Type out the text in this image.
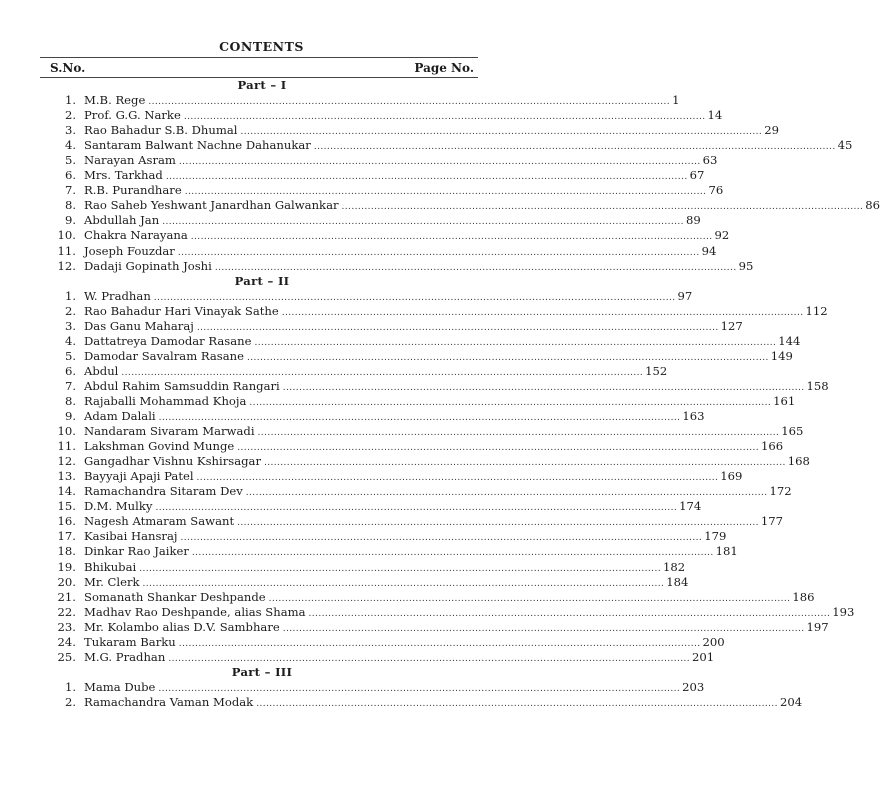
CONTENTS
S.No.	Page No.
Part – I
1. M.B. Rege ................................................................................................................................................................ 1
2. Prof. G.G. Narke ................................................................................................................................................................ 14
3. Rao Bahadur S.B. Dhumal ................................................................................................................................................................ 29
4. Santaram Balwant Nachne Dahanukar ................................................................................................................................................................ 45
5. Narayan Asram ................................................................................................................................................................ 63
6. Mrs. Tarkhad ................................................................................................................................................................ 67
7. R.B. Purandhare ................................................................................................................................................................ 76
8. Rao Saheb Yeshwant Janardhan Galwankar ................................................................................................................................................................ 86
9. Abdullah Jan ................................................................................................................................................................ 89
10. Chakra Narayana ................................................................................................................................................................ 92
11. Joseph Fouzdar ................................................................................................................................................................ 94
12. Dadaji Gopinath Joshi ................................................................................................................................................................ 95
Part – II
1. W. Pradhan ................................................................................................................................................................ 97
2. Rao Bahadur Hari Vinayak Sathe ................................................................................................................................................................ 112
3. Das Ganu Maharaj ................................................................................................................................................................ 127
4. Dattatreya Damodar Rasane ................................................................................................................................................................ 144
5. Damodar Savalram Rasane ................................................................................................................................................................ 149
6. Abdul ................................................................................................................................................................ 152
7. Abdul Rahim Samsuddin Rangari ................................................................................................................................................................ 158
8. Rajaballi Mohammad Khoja ................................................................................................................................................................ 161
9. Adam Dalali ................................................................................................................................................................ 163
10. Nandaram Sivaram Marwadi ................................................................................................................................................................ 165
11. Lakshman Govind Munge ................................................................................................................................................................ 166
12. Gangadhar Vishnu Kshirsagar ................................................................................................................................................................ 168
13. Bayyaji Apaji Patel ................................................................................................................................................................ 169
14. Ramachandra Sitaram Dev ................................................................................................................................................................ 172
15. D.M. Mulky ................................................................................................................................................................ 174
16. Nagesh Atmaram Sawant ................................................................................................................................................................ 177
17. Kasibai Hansraj ................................................................................................................................................................ 179
18. Dinkar Rao Jaiker ................................................................................................................................................................ 181
19. Bhikubai ................................................................................................................................................................ 182
20. Mr. Clerk ................................................................................................................................................................ 184
21. Somanath Shankar Deshpande ................................................................................................................................................................ 186
22. Madhav Rao Deshpande, alias Shama ................................................................................................................................................................ 193
23. Mr. Kolambo alias D.V. Sambhare ................................................................................................................................................................ 197
24. Tukaram Barku ................................................................................................................................................................ 200
25. M.G. Pradhan ................................................................................................................................................................ 201
Part – III
1. Mama Dube ................................................................................................................................................................ 203
2. Ramachandra Vaman Modak ................................................................................................................................................................ 204
